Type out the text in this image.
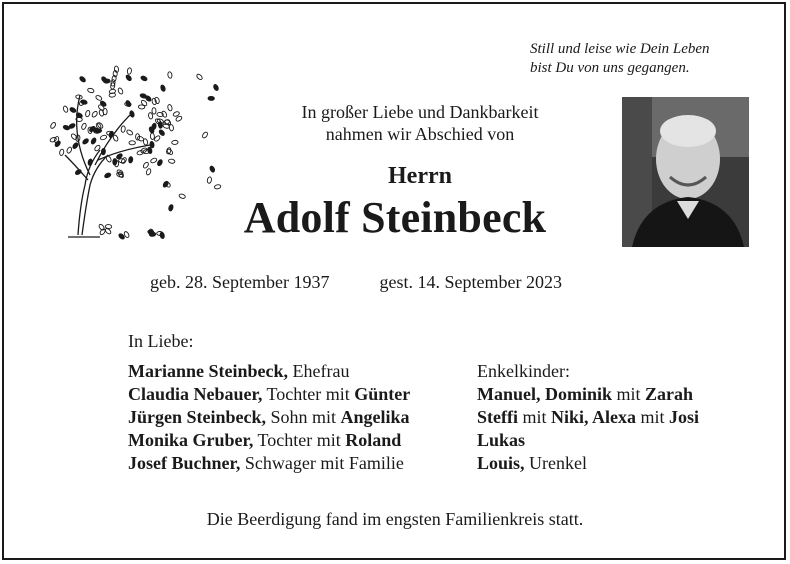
Still und leise wie Dein Leben
bist Du von uns gegangen.
In großer Liebe und Dankbarkeit
nahmen wir Abschied von
Herrn
Adolf Steinbeck
geb. 28. September 1937	gest. 14. September 2023
In Liebe:
Marianne Steinbeck, Ehefrau
Claudia Nebauer, Tochter mit Günter
Jürgen Steinbeck, Sohn mit Angelika
Monika Gruber, Tochter mit Roland
Josef Buchner, Schwager mit Familie
Enkelkinder:
Manuel, Dominik mit Zarah
Steffi mit Niki, Alexa mit Josi
Lukas
Louis, Urenkel
Die Beerdigung fand im engsten Familienkreis statt.
